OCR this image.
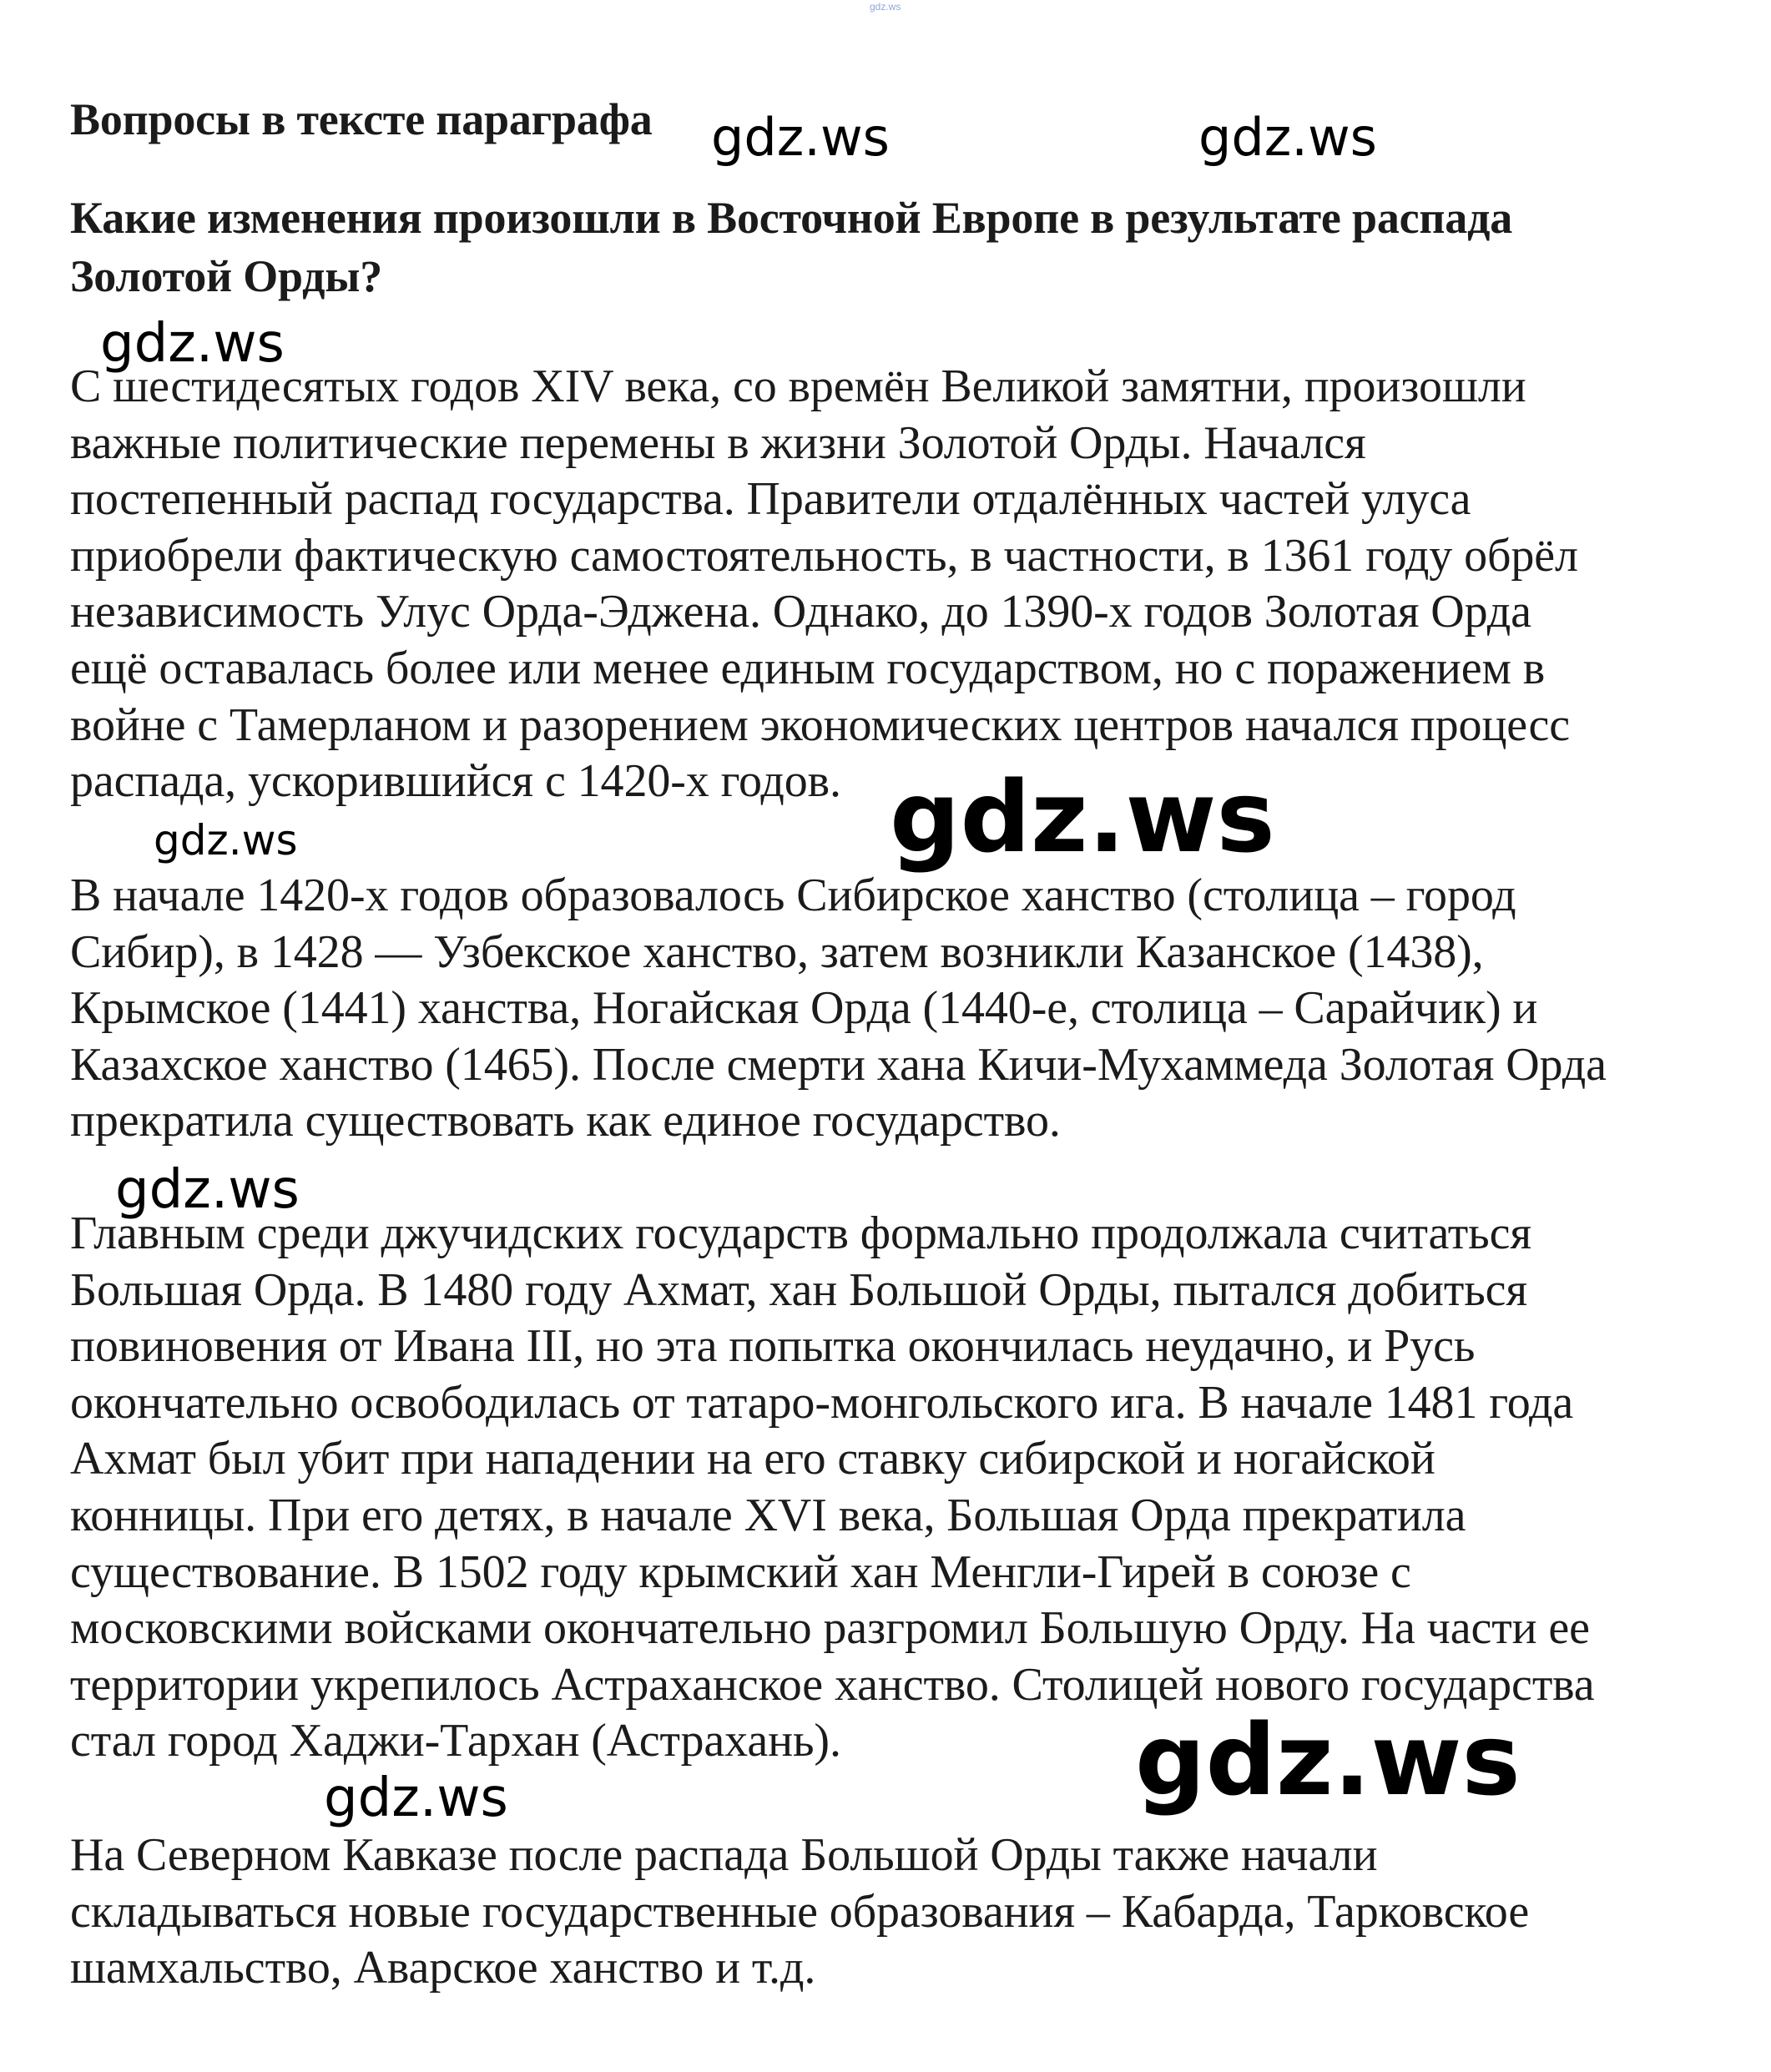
gdz.ws
Вопросы в тексте параграфа
Какие изменения произошли в Восточной Европе в результате распада
Золотой Орды?

С шестидесятых годов XIV века, со времён Великой замятни, произошли
важные политические перемены в жизни Золотой Орды. Начался
постепенный распад государства. Правители отдалённых частей улуса
приобрели фактическую самостоятельность, в частности, в 1361 году обрёл
независимость Улус Орда-Эджена. Однако, до 1390-х годов Золотая Орда
ещё оставалась более или менее единым государством, но с поражением в
войне с Тамерланом и разорением экономических центров начался процесс
распада, ускорившийся с 1420-х годов.

В начале 1420-х годов образовалось Сибирское ханство (столица – город
Сибир), в 1428 — Узбекское ханство, затем возникли Казанское (1438),
Крымское (1441) ханства, Ногайская Орда (1440-е, столица – Сарайчик) и
Казахское ханство (1465). После смерти хана Кичи-Мухаммеда Золотая Орда
прекратила существовать как единое государство.

Главным среди джучидских государств формально продолжала считаться
Большая Орда. В 1480 году Ахмат, хан Большой Орды, пытался добиться
повиновения от Ивана III, но эта попытка окончилась неудачно, и Русь
окончательно освободилась от татаро-монгольского ига. В начале 1481 года
Ахмат был убит при нападении на его ставку сибирской и ногайской
конницы. При его детях, в начале XVI века, Большая Орда прекратила
существование. В 1502 году крымский хан Менгли-Гирей в союзе с
московскими войсками окончательно разгромил Большую Орду. На части ее
территории укрепилось Астраханское ханство. Столицей нового государства
стал город Хаджи-Тархан (Астрахань).

На Северном Кавказе после распада Большой Орды также начали
складываться новые государственные образования – Кабарда, Тарковское
шамхальство, Аварское ханство и т.д.

gdz.ws	gdz.ws
gdz.ws
gdz.ws
gdz.ws
gdz.ws
gdz.ws
gdz.ws
